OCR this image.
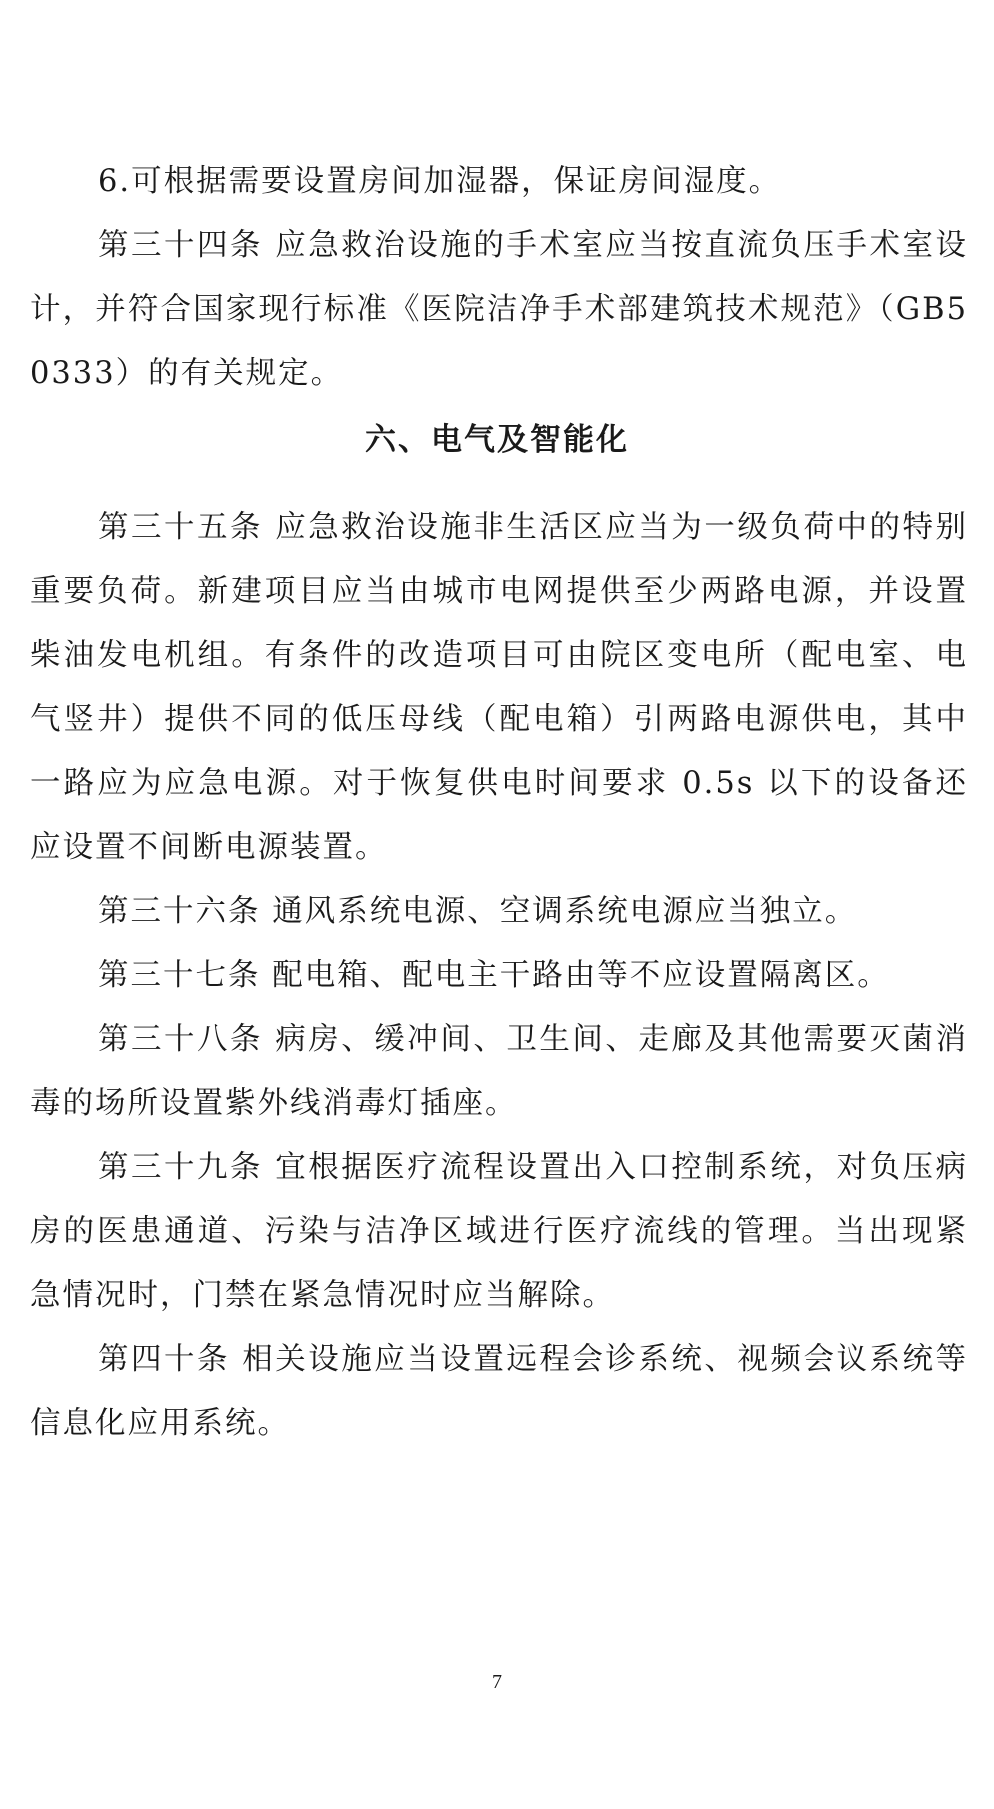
6.可根据需要设置房间加湿器，保证房间湿度。

第三十四条 应急救治设施的手术室应当按直流负压手术室设计，并符合国家现行标准《医院洁净手术部建筑技术规范》（GB50333）的有关规定。

六、电气及智能化

第三十五条 应急救治设施非生活区应当为一级负荷中的特别重要负荷。新建项目应当由城市电网提供至少两路电源，并设置柴油发电机组。有条件的改造项目可由院区变电所（配电室、电气竖井）提供不同的低压母线（配电箱）引两路电源供电，其中一路应为应急电源。对于恢复供电时间要求 0.5s 以下的设备还应设置不间断电源装置。

第三十六条 通风系统电源、空调系统电源应当独立。

第三十七条 配电箱、配电主干路由等不应设置隔离区。

第三十八条 病房、缓冲间、卫生间、走廊及其他需要灭菌消毒的场所设置紫外线消毒灯插座。

第三十九条 宜根据医疗流程设置出入口控制系统，对负压病房的医患通道、污染与洁净区域进行医疗流线的管理。当出现紧急情况时，门禁在紧急情况时应当解除。

第四十条 相关设施应当设置远程会诊系统、视频会议系统等信息化应用系统。

7
